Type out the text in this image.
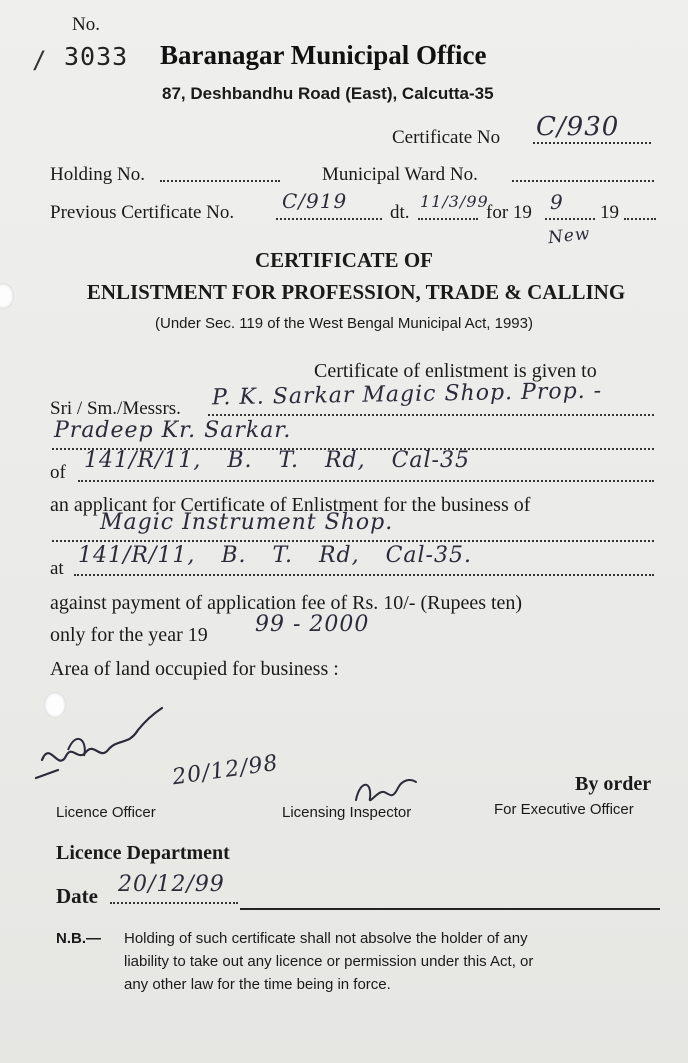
No.
/ 3033 Baranagar Municipal Office
87, Deshbandhu Road (East), Calcutta-35
Certificate No C/930
Holding No.	Municipal Ward No.
Previous Certificate No. C/919 dt.
11/3/99
for 19 9 19
New
CERTIFICATE OF
ENLISTMENT FOR PROFESSION, TRADE & CALLING
(Under Sec. 119 of the West Bengal Municipal Act, 1993)
Certificate of enlistment is given to
Sri / Sm./Messrs. P. K. Sarkar Magic Shop. Prop. -
Pradeep Kr. Sarkar.
of 141/R/11, B. T. Rd, Cal-35
an applicant for Certificate of Enlistment for the business of
Magic Instrument Shop.
at
141/R/11, B. T. Rd, Cal-35.
against payment of application fee of Rs. 10/- (Rupees ten)
only for the year 19 99 - 2000
Area of land occupied for business :
20/12/98	By order
Licence Officer	Licensing Inspector	For Executive Officer
Licence Department
Date 20/12/99
N.B.— Holding of such certificate shall not absolve the holder of any
liability to take out any licence or permission under this Act, or
any other law for the time being in force.
